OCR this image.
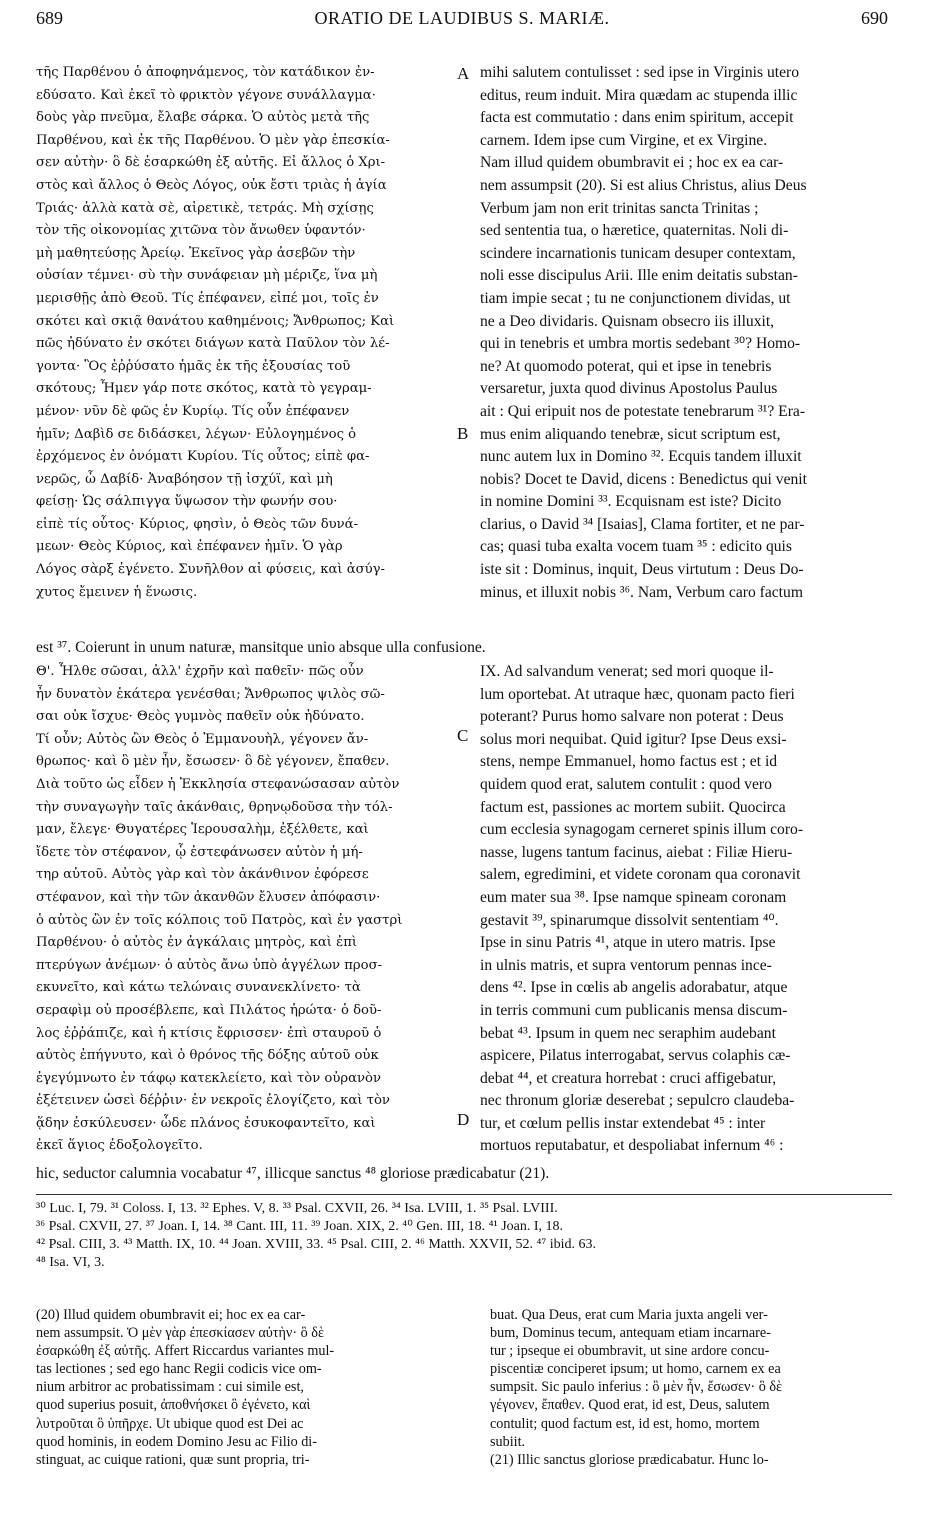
689	ORATIO DE LAUDIBUS S. MARIÆ.	690
τῆς Παρθένου ὁ ἀποφηνάμενος, τὸν κατάδικον ἐν-
εδύσατο. Καὶ ἐκεῖ τὸ φρικτὸν γέγονε συνάλλαγμα·
δοὺς γὰρ πνεῦμα, ἔλαβε σάρκα. Ὁ αὐτὸς μετὰ τῆς
Παρθένου, καὶ ἐκ τῆς Παρθένου. Ὁ μὲν γὰρ ἐπεσκία-
σεν αὐτὴν· ὃ δὲ ἐσαρκώθη ἐξ αὐτῆς. Εἰ ἄλλος ὁ Χρι-
στὸς καὶ ἄλλος ὁ Θεὸς Λόγος, οὐκ ἔστι τριὰς ἡ ἁγία
Τριάς· ἀλλὰ κατὰ σὲ, αἱρετικὲ, τετράς. Μὴ σχίσῃς
τὸν τῆς οἰκονομίας χιτῶνα τὸν ἄνωθεν ὑφαντόν·
μὴ μαθητεύσῃς Ἀρείῳ. Ἐκεῖνος γὰρ ἀσεβῶν τὴν
οὐσίαν τέμνει· σὺ τὴν συνάφειαν μὴ μέριζε, ἵνα μὴ
μερισθῇς ἀπὸ Θεοῦ. Τίς ἐπέφανεν, εἰπέ μοι, τοῖς ἐν
σκότει καὶ σκιᾷ θανάτου καθημένοις; Ἄνθρωπος; Καὶ
πῶς ἠδύνατο ἐν σκότει διάγων κατὰ Παῦλον τὸν λέ-
γοντα· Ὃς ἐῤῥύσατο ἡμᾶς ἐκ τῆς ἐξουσίας τοῦ
σκότους; Ἦμεν γάρ ποτε σκότος, κατὰ τὸ γεγραμ-
μένον· νῦν δὲ φῶς ἐν Κυρίῳ. Τίς οὖν ἐπέφανεν
ἡμῖν; Δαβὶδ σε διδάσκει, λέγων· Εὐλογημένος ὁ
ἐρχόμενος ἐν ὀνόματι Κυρίου. Τίς οὗτος; εἰπὲ φα-
νερῶς, ὦ Δαβίδ· Ἀναβόησον τῇ ἰσχύϊ, καὶ μὴ
φείσῃ· Ὡς σάλπιγγα ὕψωσον τὴν φωνήν σου·
εἰπὲ τίς οὗτος· Κύριος, φησὶν, ὁ Θεὸς τῶν δυνά-
μεων· Θεὸς Κύριος, καὶ ἐπέφανεν ἡμῖν. Ὁ γὰρ
Λόγος σὰρξ ἐγένετο. Συνῆλθον αἱ φύσεις, καὶ ἀσύγ-
χυτος ἔμεινεν ἡ ἕνωσις.
mihi salutem contulisset : sed ipse in Virginis utero
editus, reum induit. Mira quædam ac stupenda illic
facta est commutatio : dans enim spiritum, accepit
carnem. Idem ipse cum Virgine, et ex Virgine.
Nam illud quidem obumbravit ei ; hoc ex ea car-
nem assumpsit (20). Si est alius Christus, alius Deus
Verbum jam non erit trinitas sancta Trinitas ;
sed sententia tua, o hæretice, quaternitas. Noli di-
scindere incarnationis tunicam desuper contextam,
noli esse discipulus Arii. Ille enim deitatis substan-
tiam impie secat ; tu ne conjunctionem dividas, ut
ne a Deo dividaris. Quisnam obsecro iis illuxit,
qui in tenebris et umbra mortis sedebant ³⁰? Homo-
ne? At quomodo poterat, qui et ipse in tenebris
versaretur, juxta quod divinus Apostolus Paulus
ait : Qui eripuit nos de potestate tenebrarum ³¹? Era-
mus enim aliquando tenebræ, sicut scriptum est,
nunc autem lux in Domino ³². Ecquis tandem illuxit
nobis? Docet te David, dicens : Benedictus qui venit
in nomine Domini ³³. Ecquisnam est iste? Dicito
clarius, o David ³⁴ [Isaias], Clama fortiter, et ne par-
cas; quasi tuba exalta vocem tuam ³⁵ : edicito quis
iste sit : Dominus, inquit, Deus virtutum : Deus Do-
minus, et illuxit nobis ³⁶. Nam, Verbum caro factum
A
B
est ³⁷. Coierunt in unum naturæ, mansitque unio absque ulla confusione.
Θ'. Ἦλθε σῶσαι, ἀλλ' ἐχρῆν καὶ παθεῖν· πῶς οὖν
ἦν δυνατὸν ἑκάτερα γενέσθαι; Ἄνθρωπος ψιλὸς σῶ-
σαι οὐκ ἴσχυε· Θεὸς γυμνὸς παθεῖν οὐκ ἠδύνατο.
Τί οὖν; Αὐτὸς ὢν Θεὸς ὁ Ἐμμανουὴλ, γέγονεν ἄν-
θρωπος· καὶ ὃ μὲν ἦν, ἔσωσεν· ὃ δὲ γέγονεν, ἔπαθεν.
Διὰ τοῦτο ὡς εἶδεν ἡ Ἐκκλησία στεφανώσασαν αὐτὸν
τὴν συναγωγὴν ταῖς ἀκάνθαις, θρηνῳδοῦσα τὴν τόλ-
μαν, ἔλεγε· Θυγατέρες Ἱερουσαλὴμ, ἐξέλθετε, καὶ
ἴδετε τὸν στέφανον, ᾧ ἐστεφάνωσεν αὐτὸν ἡ μή-
τηρ αὐτοῦ. Αὐτὸς γὰρ καὶ τὸν ἀκάνθινον ἐφόρεσε
στέφανον, καὶ τὴν τῶν ἀκανθῶν ἔλυσεν ἀπόφασιν·
ὁ αὐτὸς ὢν ἐν τοῖς κόλποις τοῦ Πατρὸς, καὶ ἐν γαστρὶ
Παρθένου· ὁ αὐτὸς ἐν ἀγκάλαις μητρὸς, καὶ ἐπὶ
πτερύγων ἀνέμων· ὁ αὐτὸς ἄνω ὑπὸ ἀγγέλων προσ-
εκυνεῖτο, καὶ κάτω τελώναις συνανεκλίνετο· τὰ
σεραφὶμ οὐ προσέβλεπε, καὶ Πιλάτος ἠρώτα· ὁ δοῦ-
λος ἐῤῥάπιζε, καὶ ἡ κτίσις ἔφρισσεν· ἐπὶ σταυροῦ ὁ
αὐτὸς ἐπήγνυτο, καὶ ὁ θρόνος τῆς δόξης αὐτοῦ οὐκ
ἐγεγύμνωτο ἐν τάφῳ κατεκλείετο, καὶ τὸν οὐρανὸν
ἐξέτεινεν ὡσεὶ δέῤῥιν· ἐν νεκροῖς ἐλογίζετο, καὶ τὸν
ᾅδην ἐσκύλευσεν· ὧδε πλάνος ἐσυκοφαντεῖτο, καὶ
ἐκεῖ ἅγιος ἐδοξολογεῖτο.
IX. Ad salvandum venerat; sed mori quoque il-
lum oportebat. At utraque hæc, quonam pacto fieri
poterant? Purus homo salvare non poterat : Deus
solus mori nequibat. Quid igitur? Ipse Deus exsi-
stens, nempe Emmanuel, homo factus est ; et id
quidem quod erat, salutem contulit : quod vero
factum est, passiones ac mortem subiit. Quocirca
cum ecclesia synagogam cerneret spinis illum coro-
nasse, lugens tantum facinus, aiebat : Filiæ Hieru-
salem, egredimini, et videte coronam qua coronavit
eum mater sua ³⁸. Ipse namque spineam coronam
gestavit ³⁹, spinarumque dissolvit sententiam ⁴⁰.
Ipse in sinu Patris ⁴¹, atque in utero matris. Ipse
in ulnis matris, et supra ventorum pennas ince-
dens ⁴². Ipse in cœlis ab angelis adorabatur, atque
in terris communi cum publicanis mensa discum-
bebat ⁴³. Ipsum in quem nec seraphim audebant
aspicere, Pilatus interrogabat, servus colaphis cæ-
debat ⁴⁴, et creatura horrebat : cruci affigebatur,
nec thronum gloriæ deserebat ; sepulcro claudeba-
tur, et cœlum pellis instar extendebat ⁴⁵ : inter
mortuos reputabatur, et despoliabat infernum ⁴⁶ :
C
D
hic, seductor calumnia vocabatur ⁴⁷, illicque sanctus ⁴⁸ gloriose prædicabatur (21).
³⁰ Luc. I, 79. ³¹ Coloss. I, 13. ³² Ephes. V, 8. ³³ Psal. CXVII, 26. ³⁴ Isa. LVIII, 1. ³⁵ Psal. LVIII.
³⁶ Psal. CXVII, 27. ³⁷ Joan. I, 14. ³⁸ Cant. III, 11. ³⁹ Joan. XIX, 2. ⁴⁰ Gen. III, 18. ⁴¹ Joan. I, 18.
⁴² Psal. CIII, 3. ⁴³ Matth. IX, 10. ⁴⁴ Joan. XVIII, 33. ⁴⁵ Psal. CIII, 2. ⁴⁶ Matth. XXVII, 52. ⁴⁷ ibid. 63.
⁴⁸ Isa. VI, 3.
(20) Illud quidem obumbravit ei; hoc ex ea car-
nem assumpsit. Ὁ μὲν γὰρ ἐπεσκίασεν αὐτὴν· ὃ δὲ
ἐσαρκώθη ἐξ αὐτῆς. Affert Riccardus variantes mul-
tas lectiones ; sed ego hanc Regii codicis vice om-
nium arbitror ac probatissimam : cui simile est,
quod superius posuit, ἀποθνήσκει ὃ ἐγένετο, καὶ
λυτροῦται ὃ ὑπῆρχε. Ut ubique quod est Dei ac
quod hominis, in eodem Domino Jesu ac Filio di-
stinguat, ac cuique rationi, quæ sunt propria, tri-
buat. Qua Deus, erat cum Maria juxta angeli ver-
bum, Dominus tecum, antequam etiam incarnare-
tur ; ipseque ei obumbravit, ut sine ardore concu-
piscentiæ conciperet ipsum; ut homo, carnem ex ea
sumpsit. Sic paulo inferius : ὃ μὲν ἦν, ἔσωσεν· ὃ δὲ
γέγονεν, ἔπαθεν. Quod erat, id est, Deus, salutem
contulit; quod factum est, id est, homo, mortem
subiit.
(21) Illic sanctus gloriose prædicabatur. Hunc lo-
